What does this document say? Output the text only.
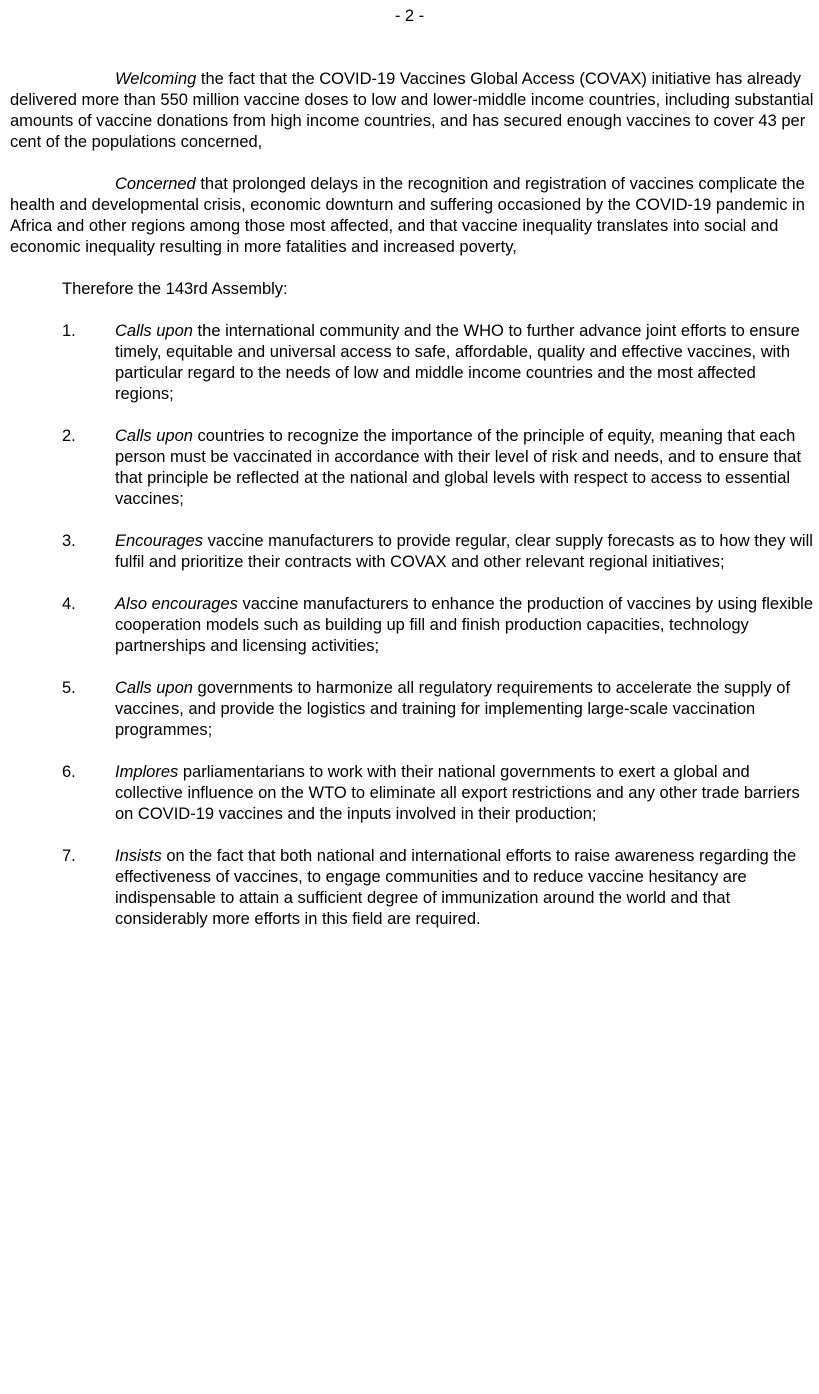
- 2 -

Welcoming the fact that the COVID-19 Vaccines Global Access (COVAX) initiative has already delivered more than 550 million vaccine doses to low and lower-middle income countries, including substantial amounts of vaccine donations from high income countries, and has secured enough vaccines to cover 43 per cent of the populations concerned,

Concerned that prolonged delays in the recognition and registration of vaccines complicate the health and developmental crisis, economic downturn and suffering occasioned by the COVID-19 pandemic in Africa and other regions among those most affected, and that vaccine inequality translates into social and economic inequality resulting in more fatalities and increased poverty,

Therefore the 143rd Assembly:

1.	Calls upon the international community and the WHO to further advance joint efforts to ensure timely, equitable and universal access to safe, affordable, quality and effective vaccines, with particular regard to the needs of low and middle income countries and the most affected regions;
2.	Calls upon countries to recognize the importance of the principle of equity, meaning that each person must be vaccinated in accordance with their level of risk and needs, and to ensure that that principle be reflected at the national and global levels with respect to access to essential vaccines;
3.	Encourages vaccine manufacturers to provide regular, clear supply forecasts as to how they will fulfil and prioritize their contracts with COVAX and other relevant regional initiatives;
4.	Also encourages vaccine manufacturers to enhance the production of vaccines by using flexible cooperation models such as building up fill and finish production capacities, technology partnerships and licensing activities;
5.	Calls upon governments to harmonize all regulatory requirements to accelerate the supply of vaccines, and provide the logistics and training for implementing large-scale vaccination programmes;
6.	Implores parliamentarians to work with their national governments to exert a global and collective influence on the WTO to eliminate all export restrictions and any other trade barriers on COVID-19 vaccines and the inputs involved in their production;
7.	Insists on the fact that both national and international efforts to raise awareness regarding the effectiveness of vaccines, to engage communities and to reduce vaccine hesitancy are indispensable to attain a sufficient degree of immunization around the world and that considerably more efforts in this field are required.
